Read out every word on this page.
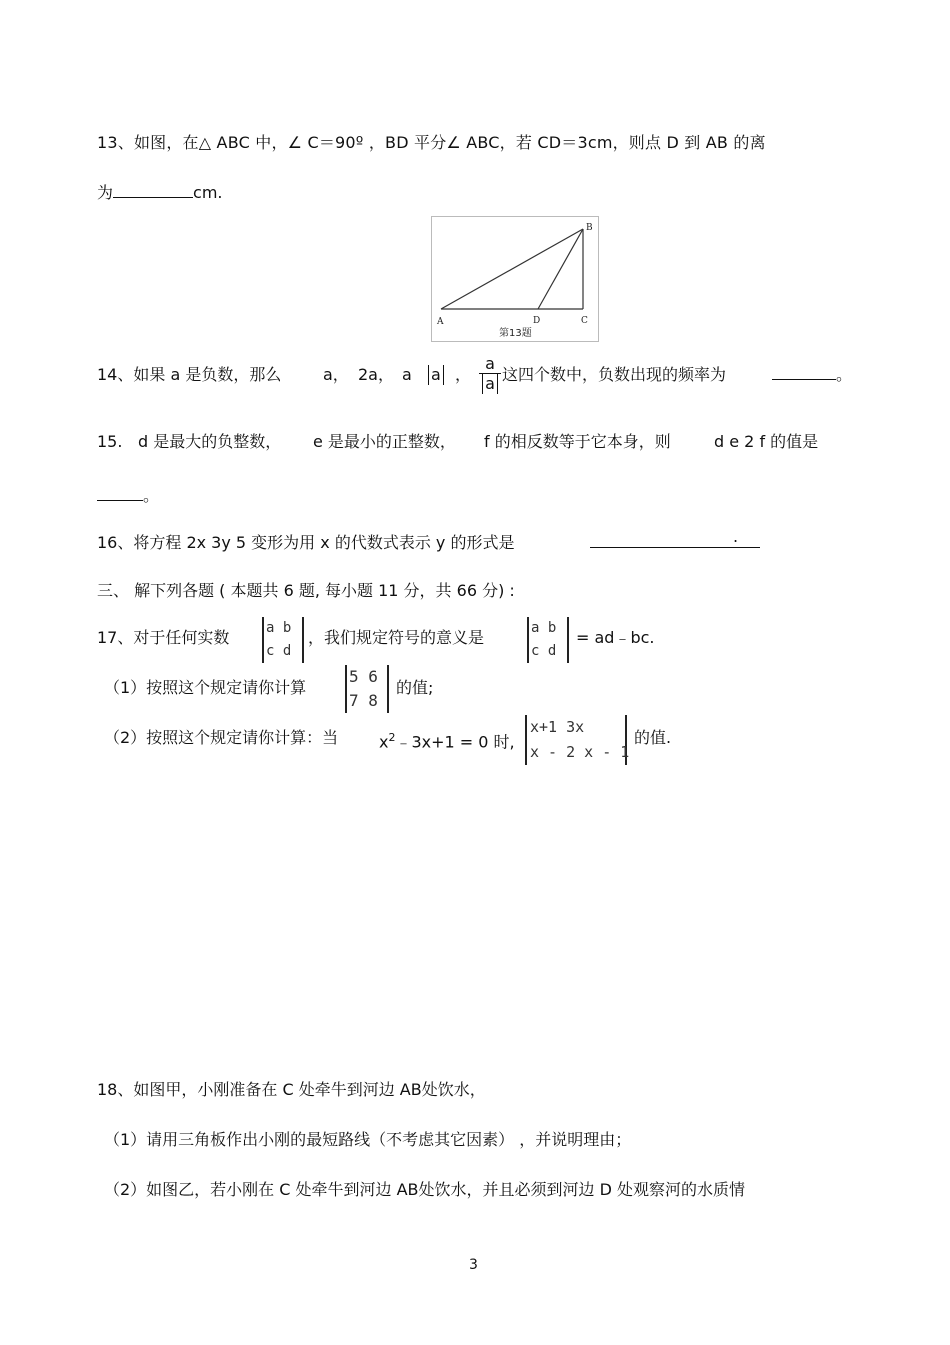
13、如图，在△ ABC 中，∠ C＝90º ，BD 平分∠ ABC，若 CD＝3cm，则点 D 到 AB 的离
为	cm.
A
B
C
D
第13题
14、如果 a 是负数，那么	a， 2a， a a ， $\frac{a}{a}$ 这四个数中，负数出现的频率为	。
15. d 是最大的负整数， e 是最小的正整数， f 的相反数等于它本身，则	d e 2 f 的值是
。
16、将方程 2x 3y 5 变形为用 x 的代数式表示 y 的形式是	.
三、 解下列各题 ( 本题共 6 题, 每小题 11 分，共 66 分) :
17、对于任何实数	a b
c d
，我们规定符号的意义是	a b
c d
= ad﹣bc.
（1）按照这个规定请你计算
5 6
7 8
的值;
（2）按照这个规定请你计算：当	$x^2﹣3x+1 = 0$ 时,
x+1 3x
x - 2 x - 1
的值.
18、如图甲，小刚准备在 C 处牵牛到河边 AB处饮水，
（1）请用三角板作出小刚的最短路线（不考虑其它因素） ，并说明理由；
（2）如图乙，若小刚在 C 处牵牛到河边 AB处饮水，并且必须到河边 D 处观察河的水质情
3
